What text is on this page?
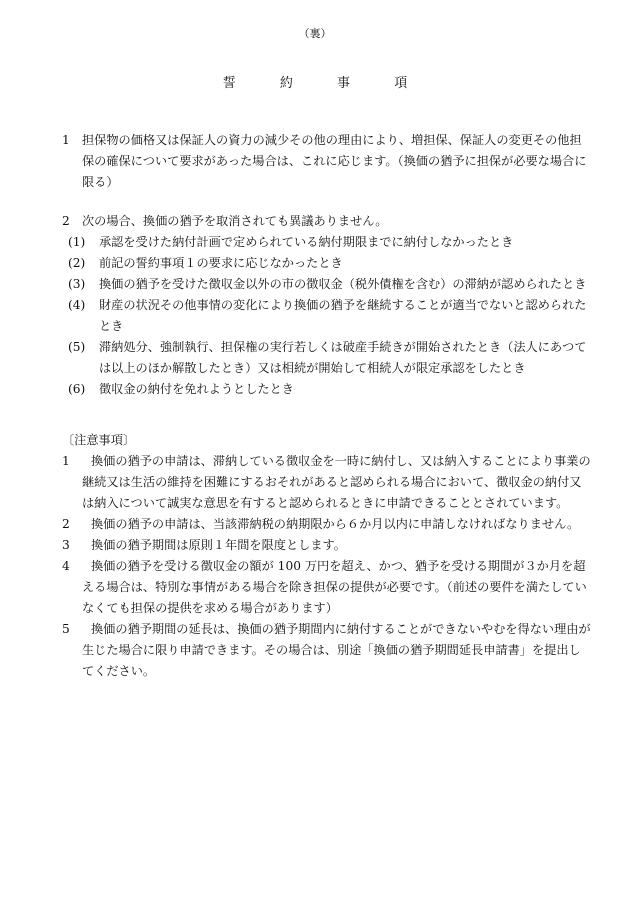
（裏）
誓 約 事 項
1 担保物の価格又は保証人の資力の減少その他の理由により、増担保、保証人の変更その他担保の確保について要求があった場合は、これに応じます。（換価の猶予に担保が必要な場合に限る）
2 次の場合、換価の猶予を取消されても異議ありません。
(1) 承認を受けた納付計画で定められている納付期限までに納付しなかったとき
(2) 前記の誓約事項１の要求に応じなかったとき
(3) 換価の猶予を受けた徴収金以外の市の徴収金（税外債権を含む）の滞納が認められたとき
(4) 財産の状況その他事情の変化により換価の猶予を継続することが適当でないと認められたとき
(5) 滞納処分、強制執行、担保権の実行若しくは破産手続きが開始されたとき（法人にあつては以上のほか解散したとき）又は相続が開始して相続人が限定承認をしたとき
(6) 徴収金の納付を免れようとしたとき
〔注意事項〕
1	換価の猶予の申請は、滞納している徴収金を一時に納付し、又は納入することにより事業の継続又は生活の維持を困難にするおそれがあると認められる場合において、徴収金の納付又は納入について誠実な意思を有すると認められるときに申請できることとされています。
2	換価の猶予の申請は、当該滞納税の納期限から６か月以内に申請しなければなりません。
3	換価の猶予期間は原則１年間を限度とします。
4	換価の猶予を受ける徴収金の額が 100 万円を超え、かつ、猶予を受ける期間が３か月を超える場合は、特別な事情がある場合を除き担保の提供が必要です。（前述の要件を満たしていなくても担保の提供を求める場合があります）
5	換価の猶予期間の延長は、換価の猶予期間内に納付することができないやむを得ない理由が生じた場合に限り申請できます。その場合は、別途「換価の猶予期間延長申請書」を提出してください。
